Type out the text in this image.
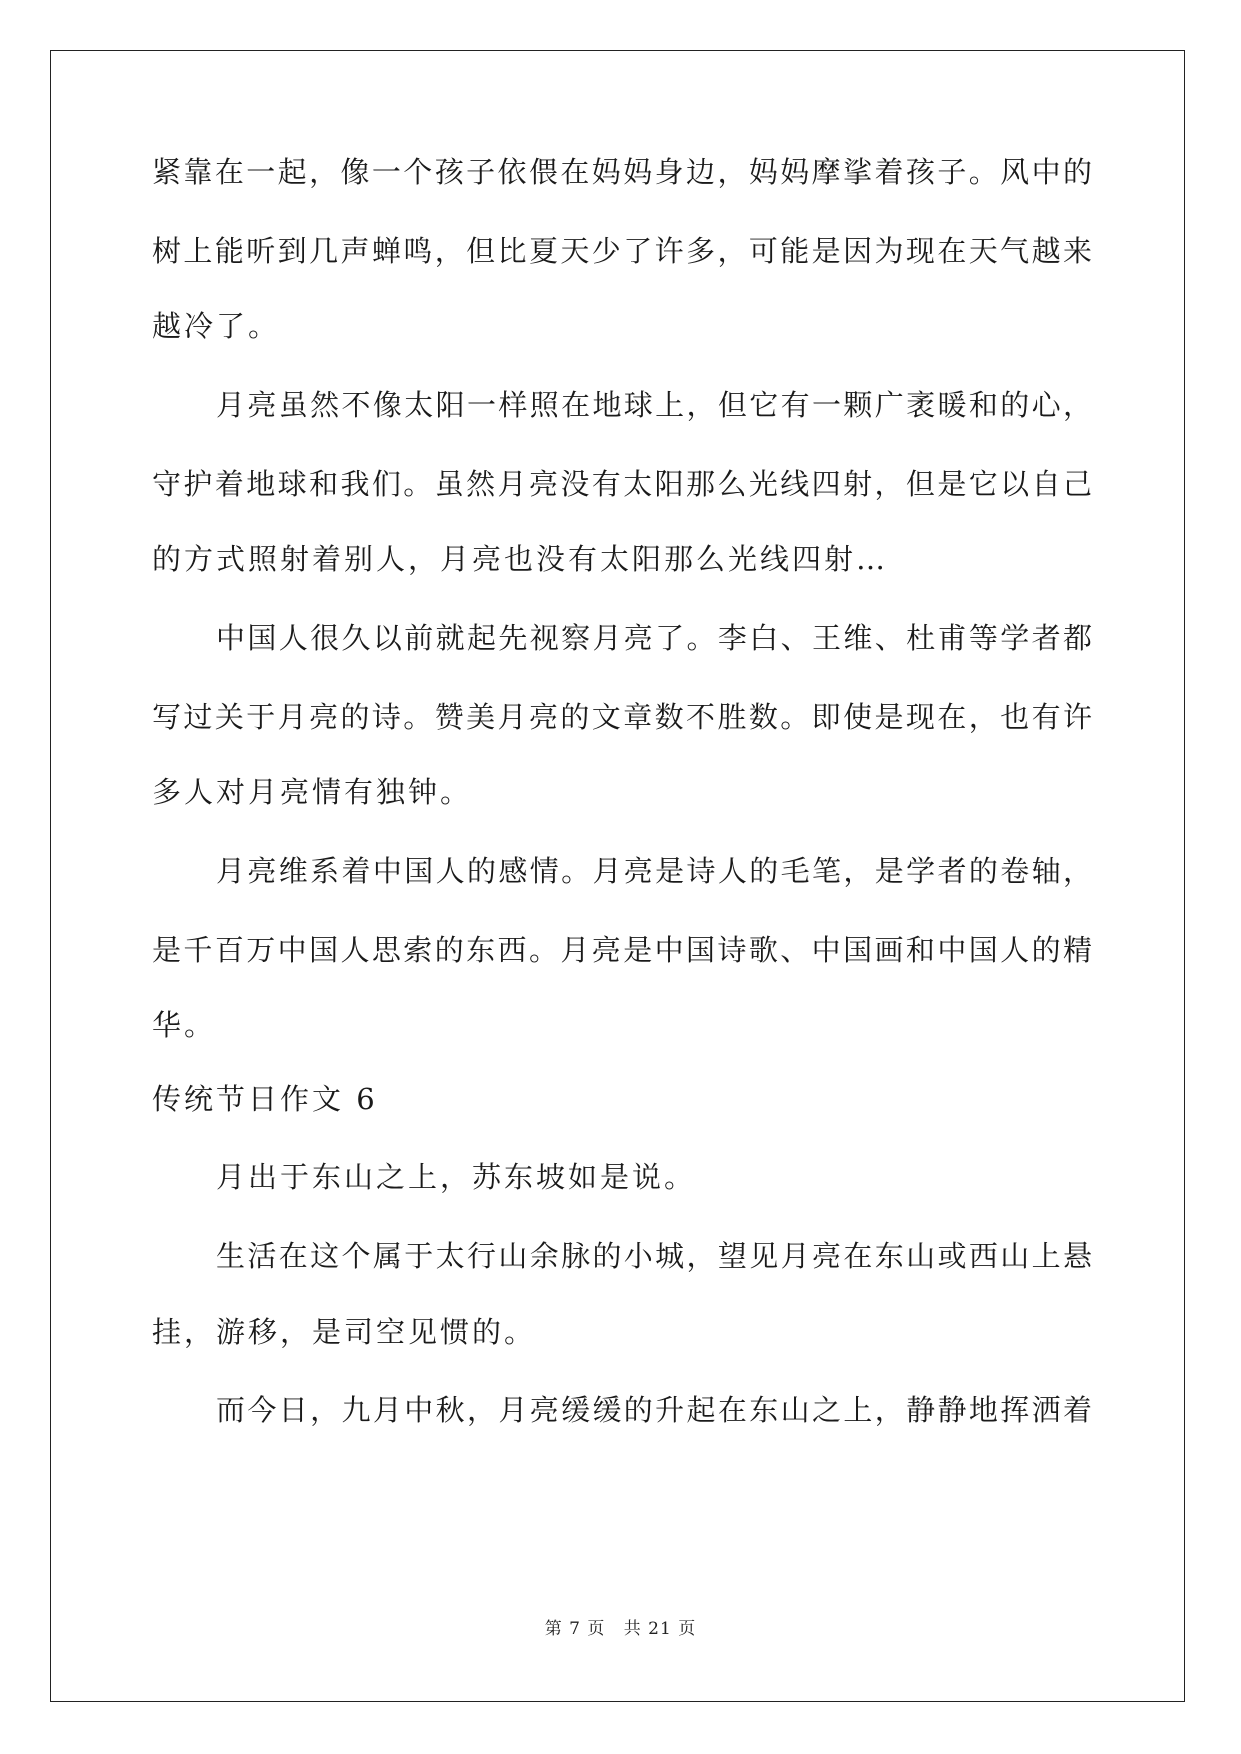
紧靠在一起，像一个孩子依偎在妈妈身边，妈妈摩挲着孩子。风中的
树上能听到几声蝉鸣，但比夏天少了许多，可能是因为现在天气越来
越冷了。
月亮虽然不像太阳一样照在地球上，但它有一颗广袤暖和的心，
守护着地球和我们。虽然月亮没有太阳那么光线四射，但是它以自己
的方式照射着别人，月亮也没有太阳那么光线四射…
中国人很久以前就起先视察月亮了。李白、王维、杜甫等学者都
写过关于月亮的诗。赞美月亮的文章数不胜数。即使是现在，也有许
多人对月亮情有独钟。
月亮维系着中国人的感情。月亮是诗人的毛笔，是学者的卷轴，
是千百万中国人思索的东西。月亮是中国诗歌、中国画和中国人的精
华。
传统节日作文 6
月出于东山之上，苏东坡如是说。
生活在这个属于太行山余脉的小城，望见月亮在东山或西山上悬
挂，游移，是司空见惯的。
而今日，九月中秋，月亮缓缓的升起在东山之上，静静地挥洒着
第 7 页 共 21 页
